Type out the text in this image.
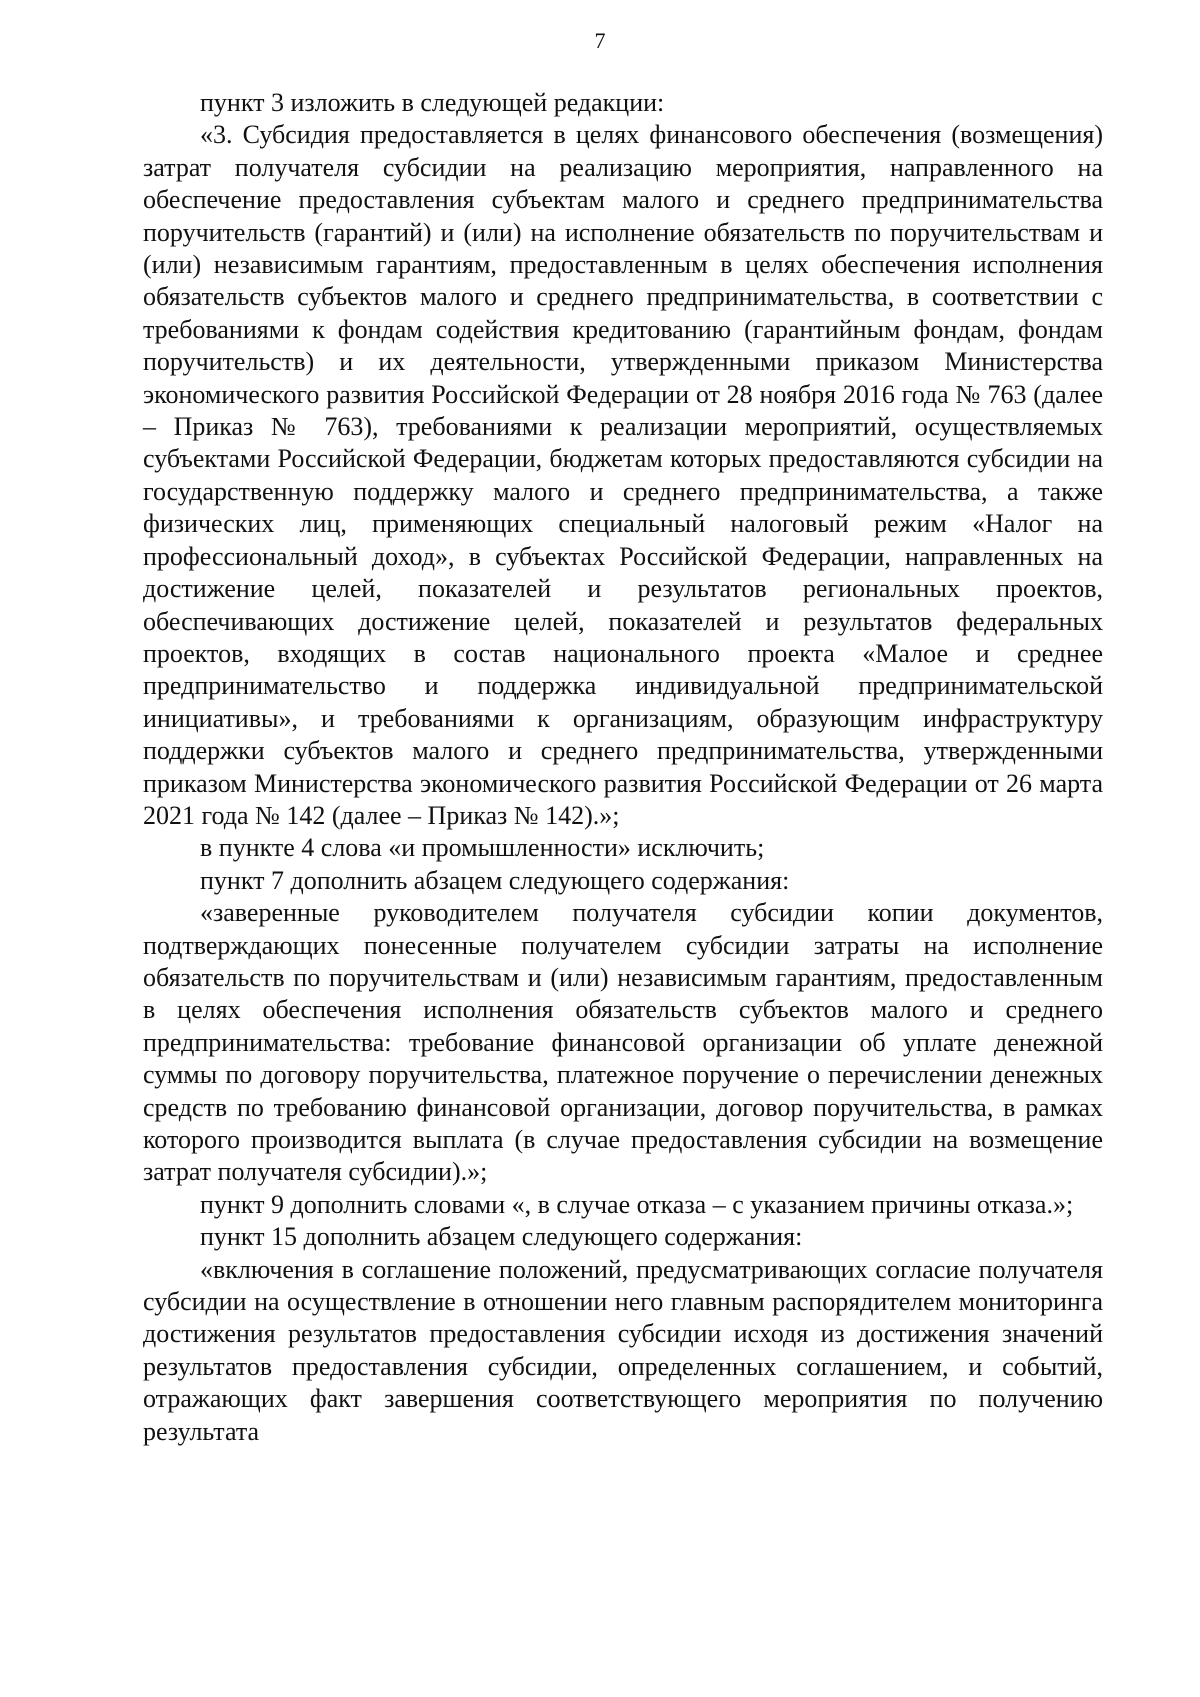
7

пункт 3 изложить в следующей редакции:

«3. Субсидия предоставляется в целях финансового обеспечения (возмещения) затрат получателя субсидии на реализацию мероприятия, направленного на обеспечение предоставления субъектам малого и среднего предпринимательства поручительств (гарантий) и (или) на исполнение обязательств по поручительствам и (или) независимым гарантиям, предоставленным в целях обеспечения исполнения обязательств субъектов малого и среднего предпринимательства, в соответствии с требованиями к фондам содействия кредитованию (гарантийным фондам, фондам поручительств) и их деятельности, утвержденными приказом Министерства экономического развития Российской Федерации от 28 ноября 2016 года № 763 (далее – Приказ № 763), требованиями к реализации мероприятий, осуществляемых субъектами Российской Федерации, бюджетам которых предоставляются субсидии на государственную поддержку малого и среднего предпринимательства, а также физических лиц, применяющих специальный налоговый режим «Налог на профессиональный доход», в субъектах Российской Федерации, направленных на достижение целей, показателей и результатов региональных проектов, обеспечивающих достижение целей, показателей и результатов федеральных проектов, входящих в состав национального проекта «Малое и среднее предпринимательство и поддержка индивидуальной предпринимательской инициативы», и требованиями к организациям, образующим инфраструктуру поддержки субъектов малого и среднего предпринимательства, утвержденными приказом Министерства экономического развития Российской Федерации от 26 марта 2021 года № 142 (далее – Приказ № 142).»;

в пункте 4 слова «и промышленности» исключить;

пункт 7 дополнить абзацем следующего содержания:

«заверенные руководителем получателя субсидии копии документов, подтверждающих понесенные получателем субсидии затраты на исполнение обязательств по поручительствам и (или) независимым гарантиям, предоставленным в целях обеспечения исполнения обязательств субъектов малого и среднего предпринимательства: требование финансовой организации об уплате денежной суммы по договору поручительства, платежное поручение о перечислении денежных средств по требованию финансовой организации, договор поручительства, в рамках которого производится выплата (в случае предоставления субсидии на возмещение затрат получателя субсидии).»;

пункт 9 дополнить словами «, в случае отказа – с указанием причины отказа.»;

пункт 15 дополнить абзацем следующего содержания:

«включения в соглашение положений, предусматривающих согласие получателя субсидии на осуществление в отношении него главным распорядителем мониторинга достижения результатов предоставления субсидии исходя из достижения значений результатов предоставления субсидии, определенных соглашением, и событий, отражающих факт завершения соответствующего мероприятия по получению результата
